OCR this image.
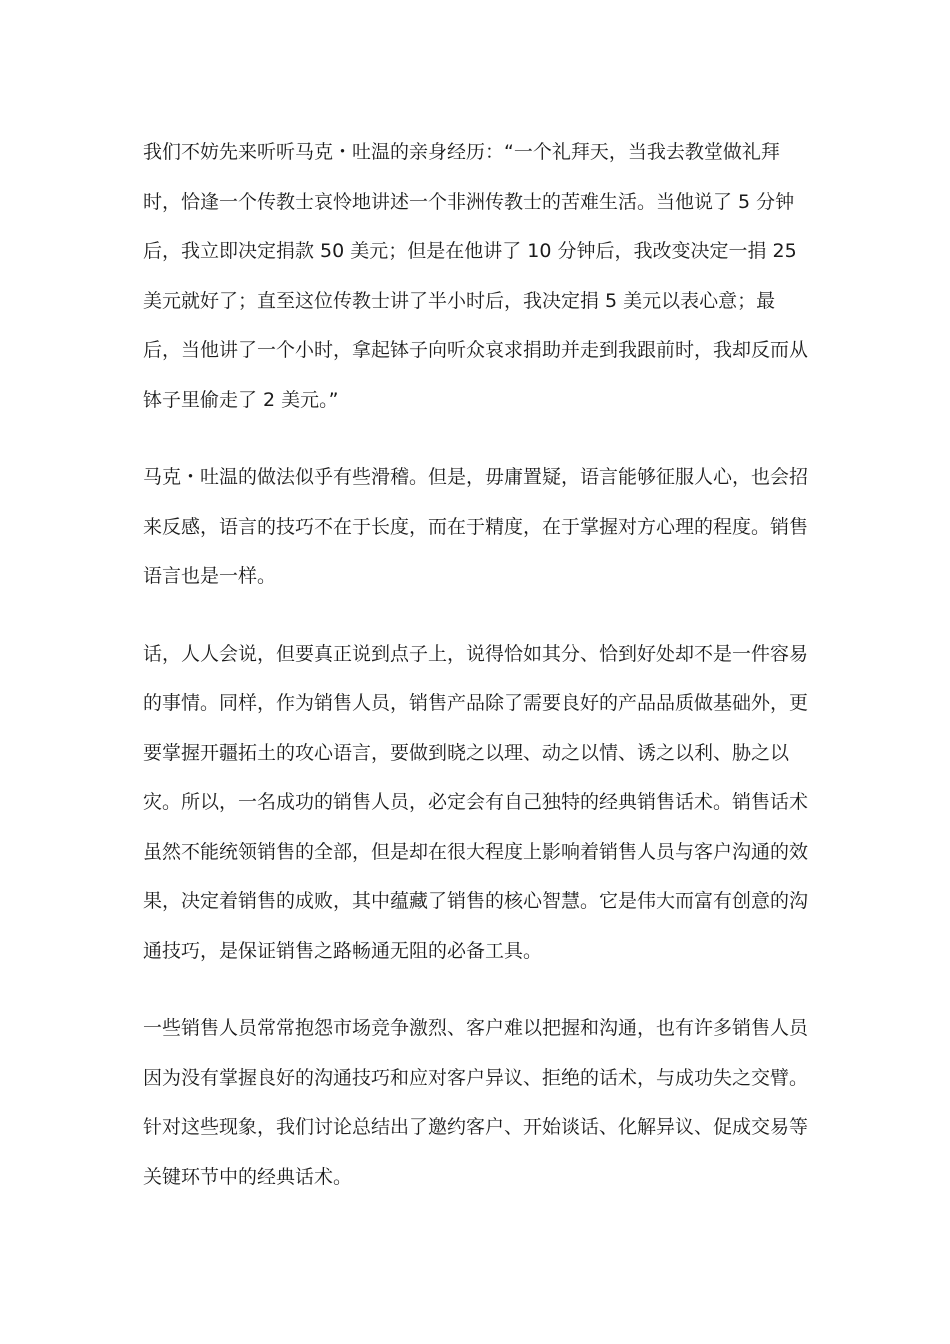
我们不妨先来听听马克・吐温的亲身经历：“一个礼拜天，当我去教堂做礼拜时，恰逢一个传教士哀怜地讲述一个非洲传教士的苦难生活。当他说了 5 分钟后，我立即决定捐款 50 美元；但是在他讲了 10 分钟后，我改变决定一捐 25 美元就好了；直至这位传教士讲了半小时后，我决定捐 5 美元以表心意；最后，当他讲了一个小时，拿起钵子向听众哀求捐助并走到我跟前时，我却反而从钵子里偷走了 2 美元。”

马克・吐温的做法似乎有些滑稽。但是，毋庸置疑，语言能够征服人心，也会招来反感，语言的技巧不在于长度，而在于精度，在于掌握对方心理的程度。销售语言也是一样。

话，人人会说，但要真正说到点子上，说得恰如其分、恰到好处却不是一件容易的事情。同样，作为销售人员，销售产品除了需要良好的产品品质做基础外，更要掌握开疆拓土的攻心语言，要做到晓之以理、动之以情、诱之以利、胁之以灾。所以，一名成功的销售人员，必定会有自己独特的经典销售话术。销售话术虽然不能统领销售的全部，但是却在很大程度上影响着销售人员与客户沟通的效果，决定着销售的成败，其中蕴藏了销售的核心智慧。它是伟大而富有创意的沟通技巧，是保证销售之路畅通无阻的必备工具。

一些销售人员常常抱怨市场竞争激烈、客户难以把握和沟通，也有许多销售人员因为没有掌握良好的沟通技巧和应对客户异议、拒绝的话术，与成功失之交臂。针对这些现象，我们讨论总结出了邀约客户、开始谈话、化解异议、促成交易等关键环节中的经典话术。
